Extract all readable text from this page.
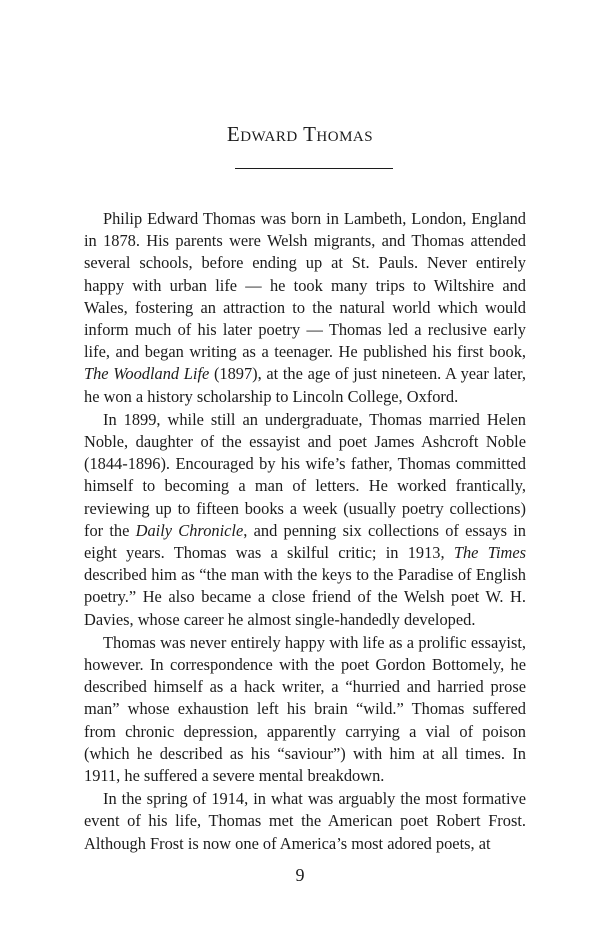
Edward Thomas

Philip Edward Thomas was born in Lambeth, London, England in 1878. His parents were Welsh migrants, and Thomas attended several schools, before ending up at St. Pauls. Never entirely happy with urban life — he took many trips to Wiltshire and Wales, fostering an attraction to the natural world which would inform much of his later poetry — Thomas led a reclusive early life, and began writing as a teenager. He published his first book, The Woodland Life (1897), at the age of just nineteen. A year later, he won a history scholarship to Lincoln College, Oxford.

In 1899, while still an undergraduate, Thomas married Helen Noble, daughter of the essayist and poet James Ashcroft Noble (1844-1896). Encouraged by his wife’s father, Thomas committed himself to becoming a man of letters. He worked frantically, reviewing up to fifteen books a week (usually poetry collections) for the Daily Chronicle, and penning six collections of essays in eight years. Thomas was a skilful critic; in 1913, The Times described him as “the man with the keys to the Paradise of English poetry.” He also became a close friend of the Welsh poet W. H. Davies, whose career he almost single-handedly developed.

Thomas was never entirely happy with life as a prolific essayist, however. In correspondence with the poet Gordon Bottomely, he described himself as a hack writer, a “hurried and harried prose man” whose exhaustion left his brain “wild.” Thomas suffered from chronic depression, apparently carrying a vial of poison (which he described as his “saviour”) with him at all times. In 1911, he suffered a severe mental breakdown.

In the spring of 1914, in what was arguably the most formative event of his life, Thomas met the American poet Robert Frost. Although Frost is now one of America’s most adored poets, at

9
